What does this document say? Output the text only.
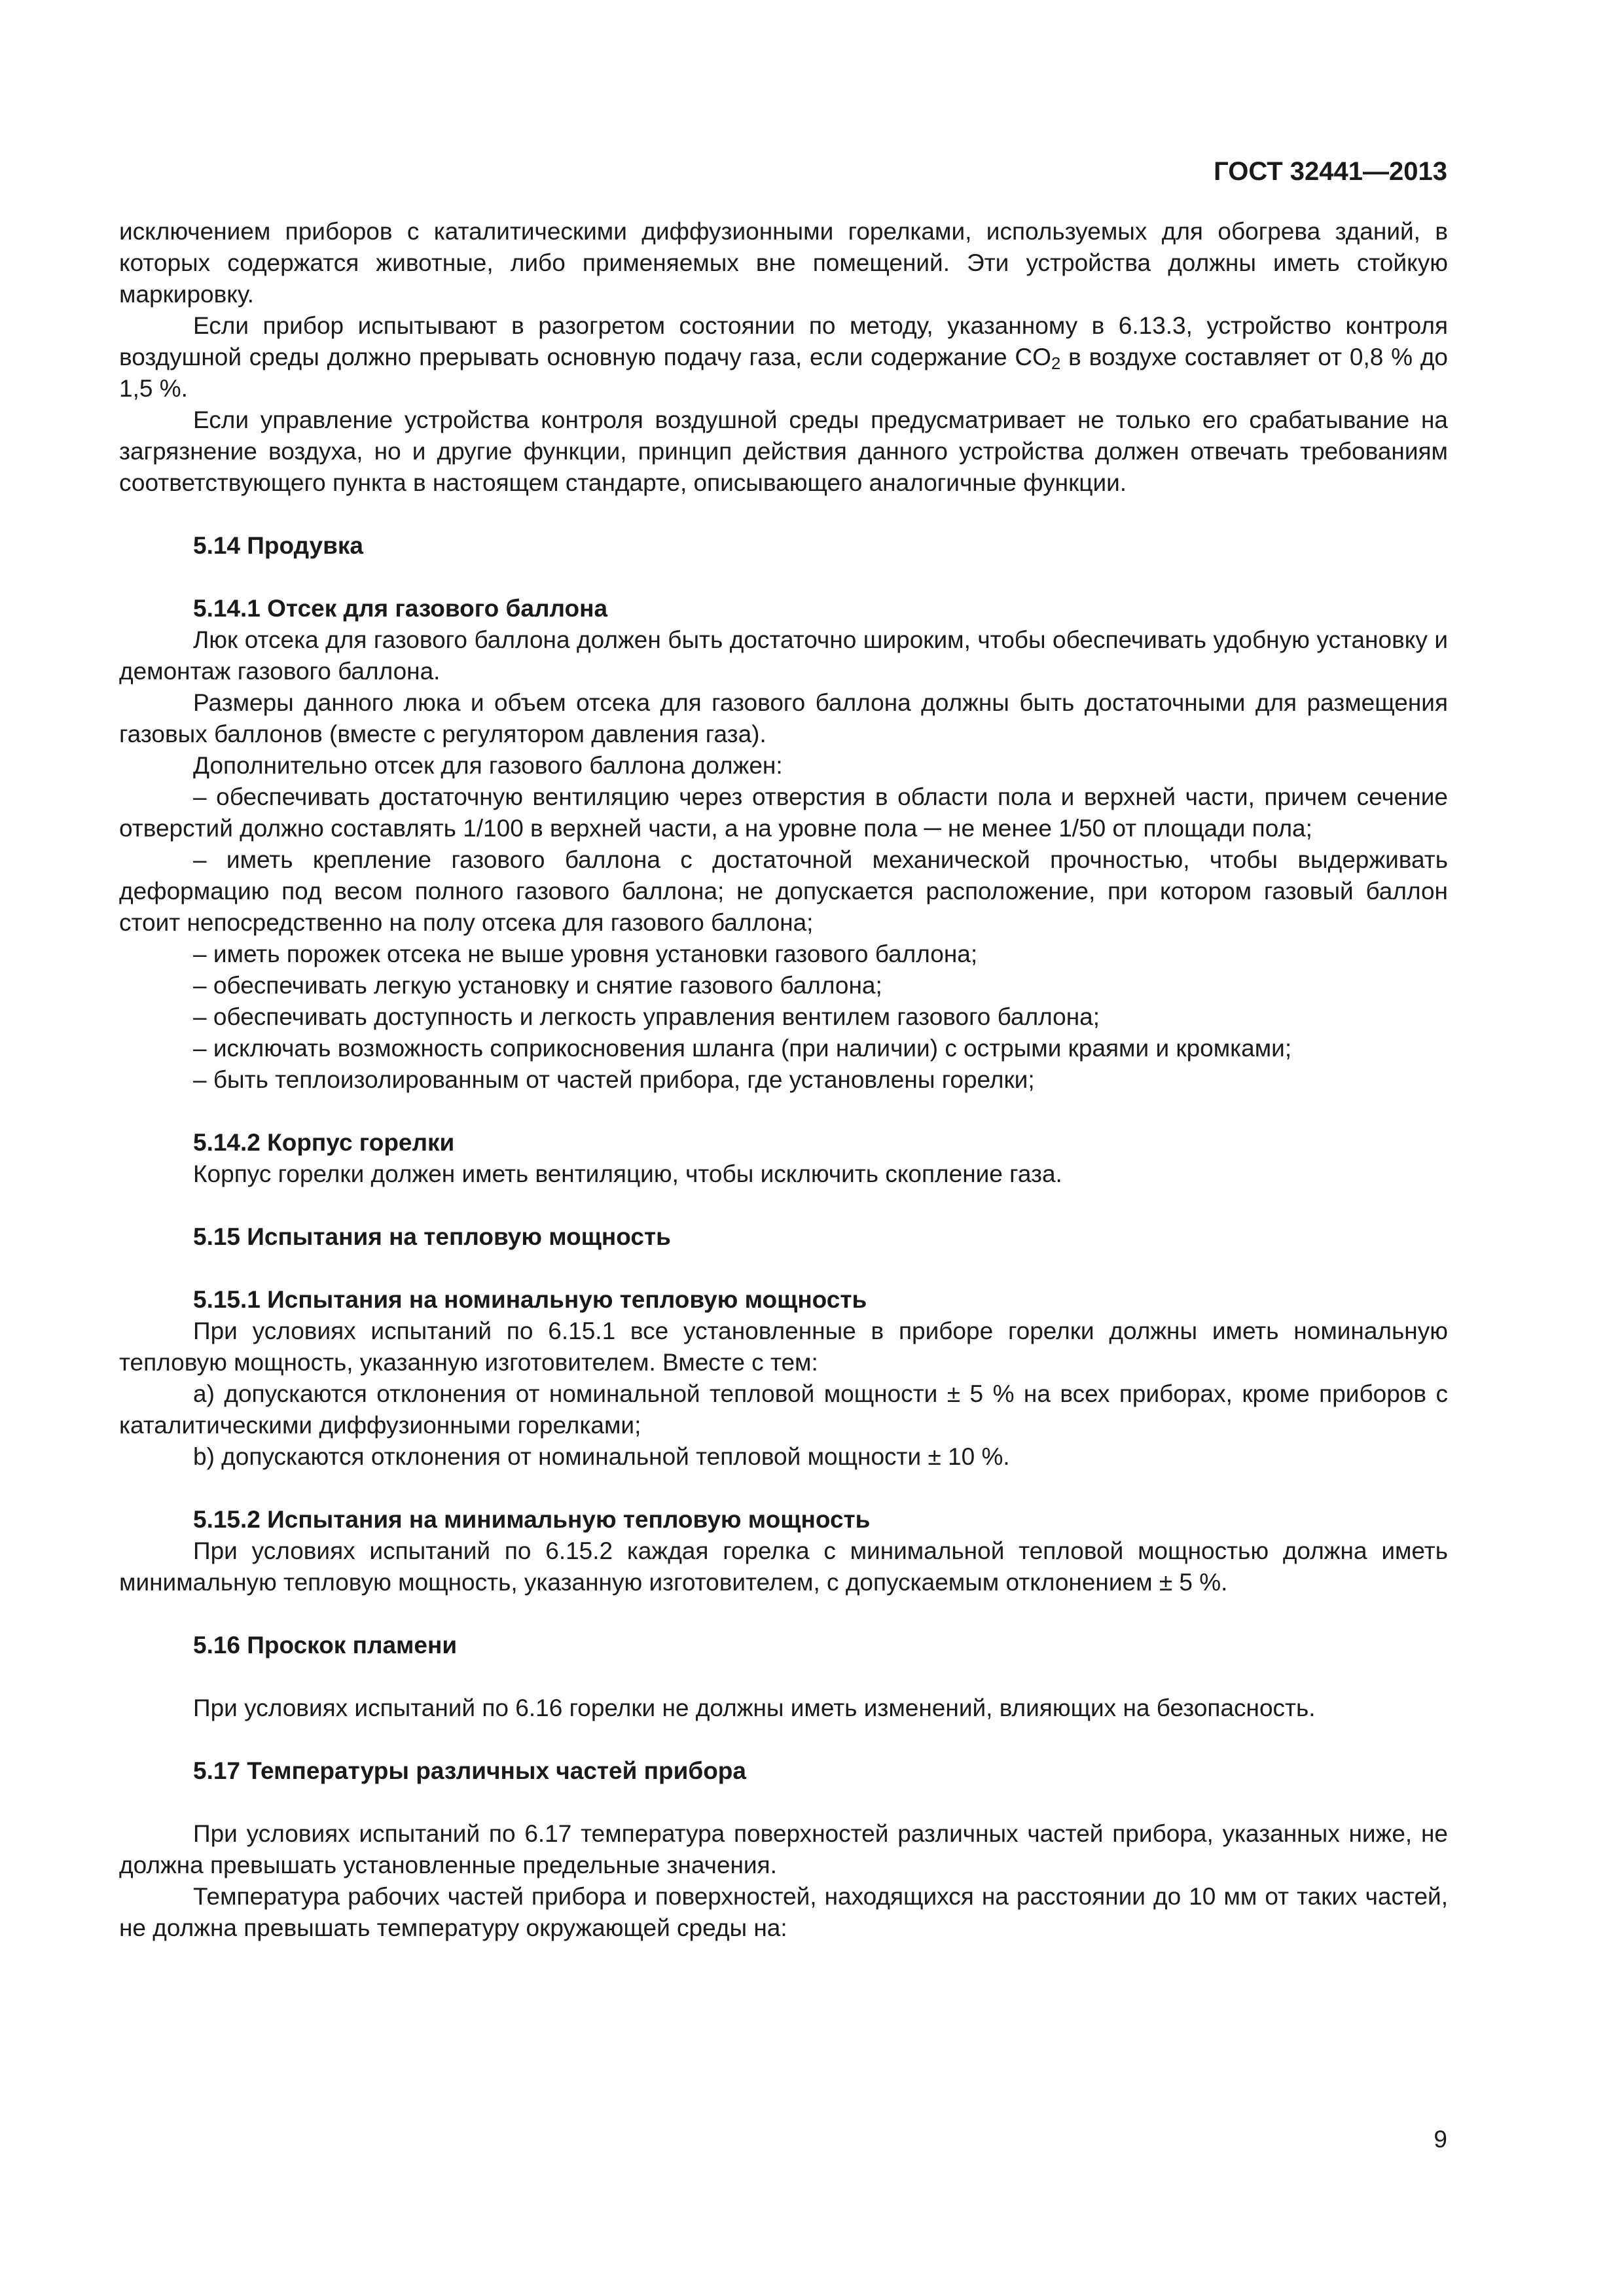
ГОСТ 32441—2013

исключением приборов с каталитическими диффузионными горелками, используемых для обогрева зданий, в которых содержатся животные, либо применяемых вне помещений. Эти устройства должны иметь стойкую маркировку.

Если прибор испытывают в разогретом состоянии по методу, указанному в 6.13.3, устройство контроля воздушной среды должно прерывать основную подачу газа, если содержание $CO_2$ в воздухе составляет от 0,8 % до 1,5 %.

Если управление устройства контроля воздушной среды предусматривает не только его срабатывание на загрязнение воздуха, но и другие функции, принцип действия данного устройства должен отвечать требованиям соответствующего пункта в настоящем стандарте, описывающего аналогичные функции.

5.14 Продувка
5.14.1 Отсек для газового баллона

Люк отсека для газового баллона должен быть достаточно широким, чтобы обеспечивать удобную установку и демонтаж газового баллона.

Размеры данного люка и объем отсека для газового баллона должны быть достаточными для размещения газовых баллонов (вместе с регулятором давления газа).

Дополнительно отсек для газового баллона должен:

– обеспечивать достаточную вентиляцию через отверстия в области пола и верхней части, причем сечение отверстий должно составлять 1/100 в верхней части, а на уровне пола ─ не менее 1/50 от площади пола;

– иметь крепление газового баллона с достаточной механической прочностью, чтобы выдерживать деформацию под весом полного газового баллона; не допускается расположение, при котором газовый баллон стоит непосредственно на полу отсека для газового баллона;

– иметь порожек отсека не выше уровня установки газового баллона;

– обеспечивать легкую установку и снятие газового баллона;

– обеспечивать доступность и легкость управления вентилем газового баллона;

– исключать возможность соприкосновения шланга (при наличии) с острыми краями и кромками;

– быть теплоизолированным от частей прибора, где установлены горелки;

5.14.2 Корпус горелки

Корпус горелки должен иметь вентиляцию, чтобы исключить скопление газа.

5.15 Испытания на тепловую мощность
5.15.1 Испытания на номинальную тепловую мощность

При условиях испытаний по 6.15.1 все установленные в приборе горелки должны иметь номинальную тепловую мощность, указанную изготовителем. Вместе с тем:

a) допускаются отклонения от номинальной тепловой мощности ± 5 % на всех приборах, кроме приборов с каталитическими диффузионными горелками;

b) допускаются отклонения от номинальной тепловой мощности ± 10 %.

5.15.2 Испытания на минимальную тепловую мощность

При условиях испытаний по 6.15.2 каждая горелка с минимальной тепловой мощностью должна иметь минимальную тепловую мощность, указанную изготовителем, с допускаемым отклонением ± 5 %.

5.16 Проскок пламени

При условиях испытаний по 6.16 горелки не должны иметь изменений, влияющих на безопасность.

5.17 Температуры различных частей прибора

При условиях испытаний по 6.17 температура поверхностей различных частей прибора, указанных ниже, не должна превышать установленные предельные значения.

Температура рабочих частей прибора и поверхностей, находящихся на расстоянии до 10 мм от таких частей, не должна превышать температуру окружающей среды на:

9
